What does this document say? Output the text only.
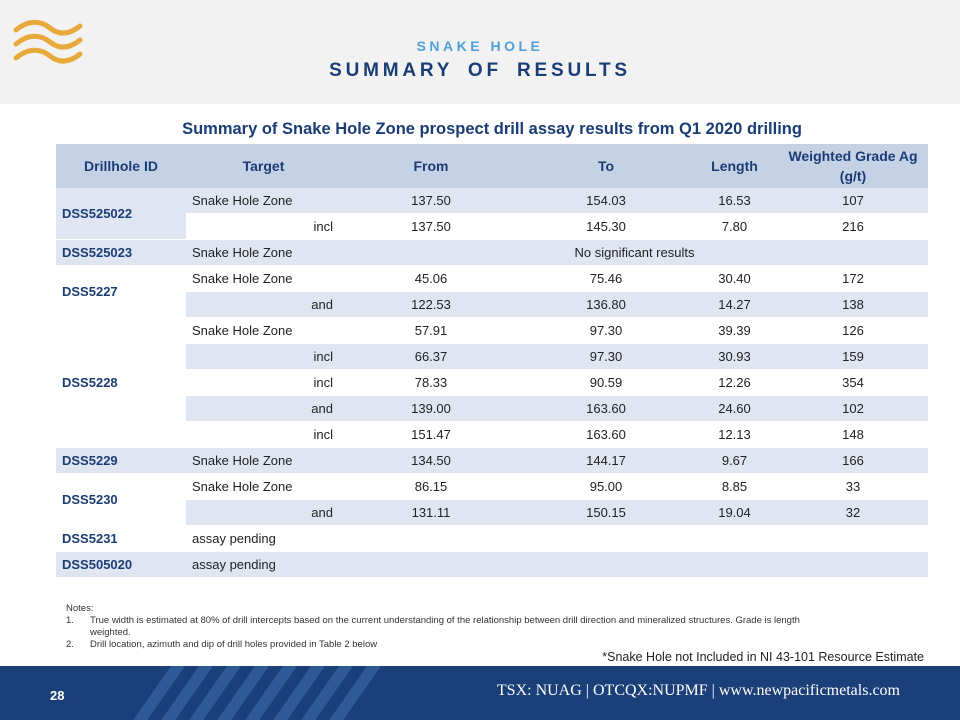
SNAKE HOLE
SUMMARY OF RESULTS
Summary of Snake Hole Zone prospect drill assay results from Q1 2020 drilling
Drillhole ID	Target	From	To	Length	Weighted Grade Ag (g/t)
DSS525022	Snake Hole Zone	137.50	154.03	16.53	107
	incl	137.50	145.30	7.80	216
DSS525023	Snake Hole Zone	No significant results			
DSS5227	Snake Hole Zone	45.06	75.46	30.40	172
	and	122.53	136.80	14.27	138
DSS5228	Snake Hole Zone	57.91	97.30	39.39	126
	incl	66.37	97.30	30.93	159
	incl	78.33	90.59	12.26	354
	and	139.00	163.60	24.60	102
	incl	151.47	163.60	12.13	148
DSS5229	Snake Hole Zone	134.50	144.17	9.67	166
DSS5230	Snake Hole Zone	86.15	95.00	8.85	33
	and	131.11	150.15	19.04	32
DSS5231	assay pending				
DSS505020	assay pending				
Notes:
1.	True width is estimated at 80% of drill intercepts based on the current understanding of the relationship between drill direction and mineralized structures. Grade is length weighted.
2.	Drill location, azimuth and dip of drill holes provided in Table 2 below
*Snake Hole not Included in NI 43-101 Resource Estimate
28	TSX: NUAG | OTCQX:NUPMF | www.newpacificmetals.com
